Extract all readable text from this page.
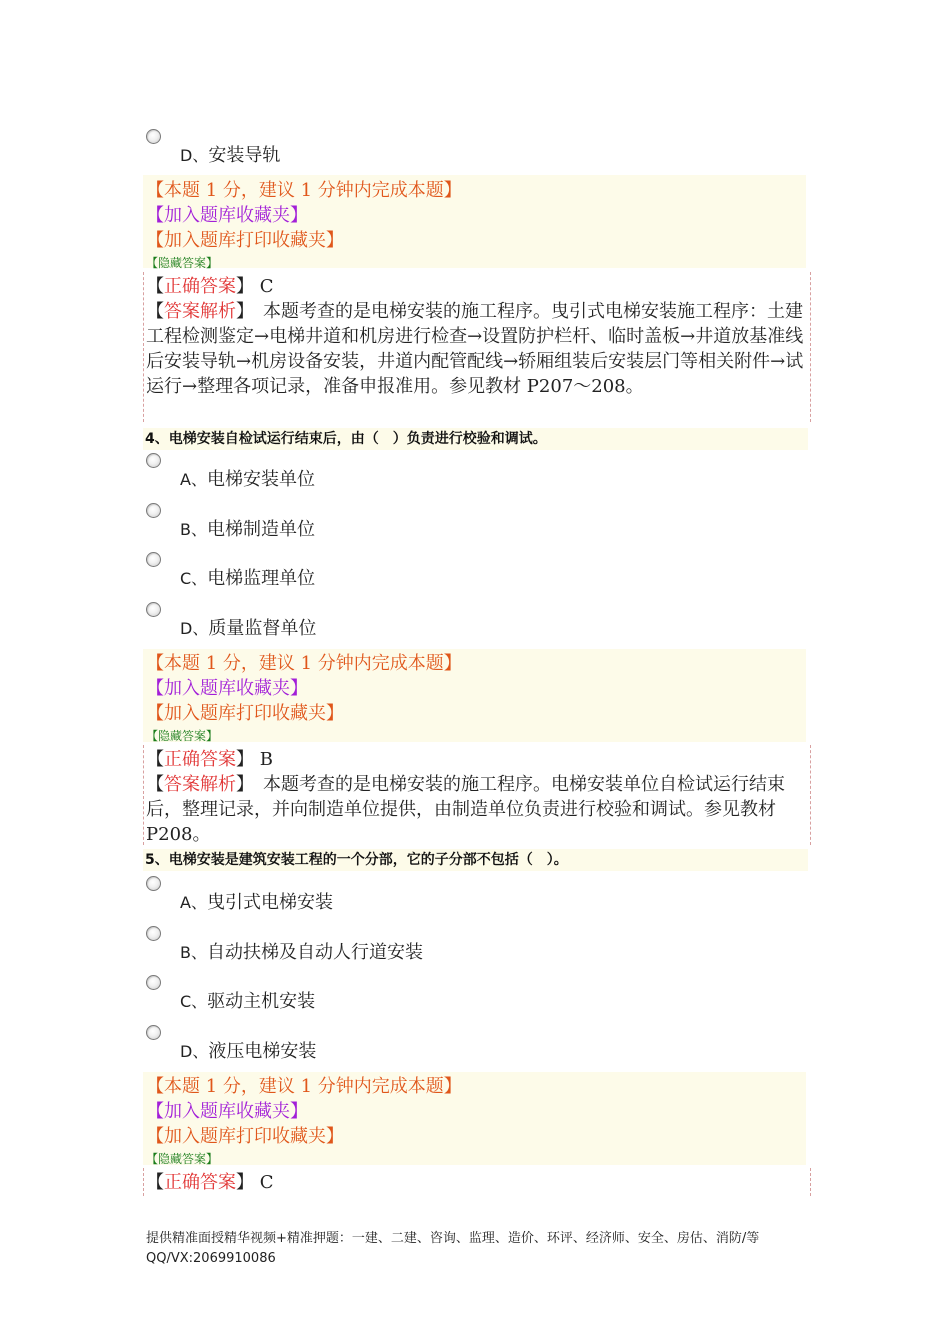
D、安装导轨
【本题 1 分，建议 1 分钟内完成本题】
【加入题库收藏夹】
【加入题库打印收藏夹】
【隐藏答案】
【正确答案】 C
【答案解析】　本题考查的是电梯安装的施工程序。曳引式电梯安装施工程序：土建工程检测鉴定→电梯井道和机房进行检查→设置防护栏杆、临时盖板→井道放基准线后安装导轨→机房设备安装，井道内配管配线→轿厢组装后安装层门等相关附件→试运行→整理各项记录，准备申报准用。参见教材 P207～208。
4、电梯安装自检试运行结束后，由（　）负责进行校验和调试。
A、电梯安装单位
B、电梯制造单位
C、电梯监理单位
D、质量监督单位
【本题 1 分，建议 1 分钟内完成本题】
【加入题库收藏夹】
【加入题库打印收藏夹】
【隐藏答案】
【正确答案】 B
【答案解析】　本题考查的是电梯安装的施工程序。电梯安装单位自检试运行结束后，整理记录，并向制造单位提供，由制造单位负责进行校验和调试。参见教材 P208。
5、电梯安装是建筑安装工程的一个分部，它的子分部不包括（　）。
A、曳引式电梯安装
B、自动扶梯及自动人行道安装
C、驱动主机安装
D、液压电梯安装
【本题 1 分，建议 1 分钟内完成本题】
【加入题库收藏夹】
【加入题库打印收藏夹】
【隐藏答案】
【正确答案】 C
提供精准面授精华视频+精准押题：一建、二建、咨询、监理、造价、环评、经济师、安全、房估、消防/等　QQ/VX:2069910086
